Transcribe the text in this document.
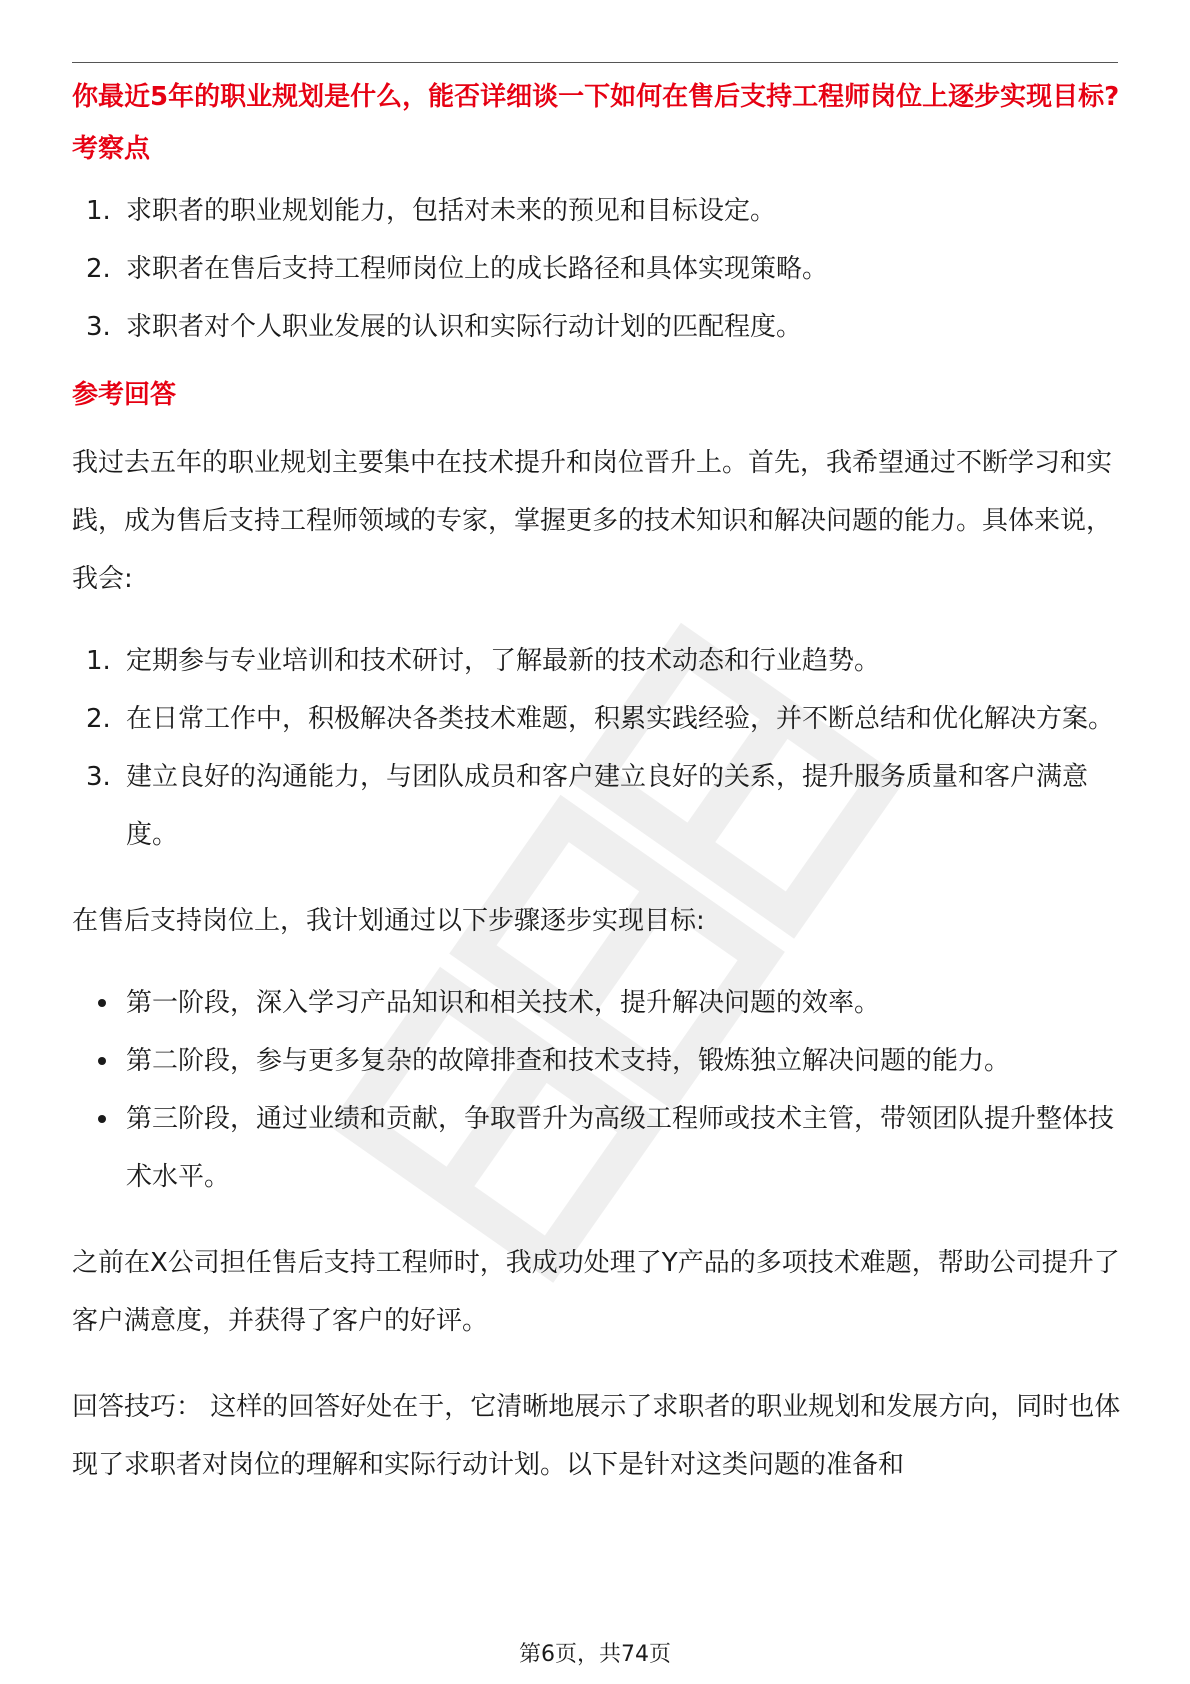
你最近5年的职业规划是什么，能否详细谈一下如何在售后支持工程师岗位上逐步实现目标?

考察点

1. 求职者的职业规划能力，包括对未来的预见和目标设定。
2. 求职者在售后支持工程师岗位上的成长路径和具体实现策略。
3. 求职者对个人职业发展的认识和实际行动计划的匹配程度。

参考回答

我过去五年的职业规划主要集中在技术提升和岗位晋升上。首先，我希望通过不断学习和实践，成为售后支持工程师领域的专家，掌握更多的技术知识和解决问题的能力。具体来说，我会:

1. 定期参与专业培训和技术研讨，了解最新的技术动态和行业趋势。
2. 在日常工作中，积极解决各类技术难题，积累实践经验，并不断总结和优化解决方案。
3. 建立良好的沟通能力，与团队成员和客户建立良好的关系，提升服务质量和客户满意度。

在售后支持岗位上，我计划通过以下步骤逐步实现目标:

第一阶段，深入学习产品知识和相关技术，提升解决问题的效率。
第二阶段，参与更多复杂的故障排查和技术支持，锻炼独立解决问题的能力。
第三阶段，通过业绩和贡献，争取晋升为高级工程师或技术主管，带领团队提升整体技术水平。

之前在X公司担任售后支持工程师时，我成功处理了Y产品的多项技术难题，帮助公司提升了客户满意度，并获得了客户的好评。

回答技巧： 这样的回答好处在于，它清晰地展示了求职者的职业规划和发展方向，同时也体现了求职者对岗位的理解和实际行动计划。以下是针对这类问题的准备和

第6页，共74页
